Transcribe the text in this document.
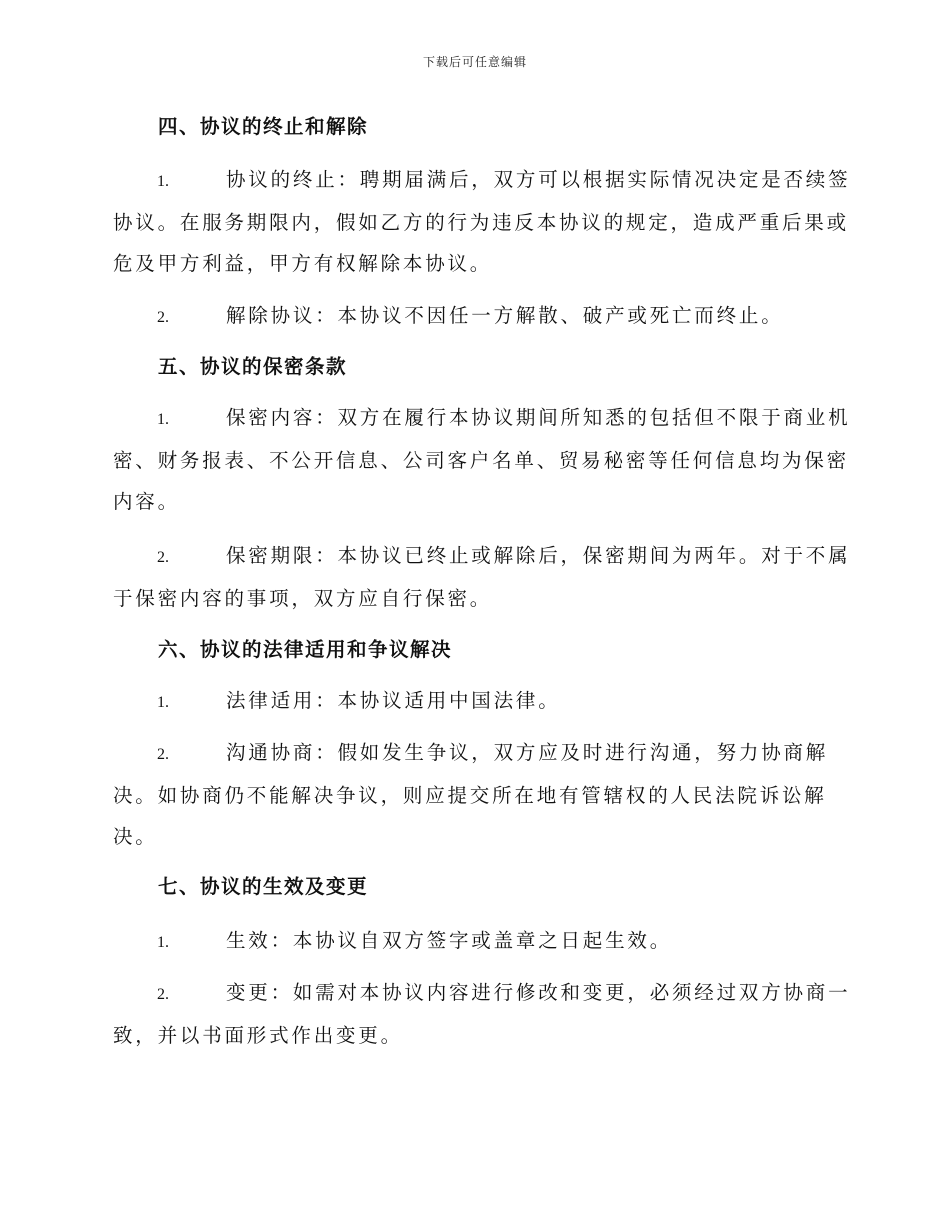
下载后可任意编辑
四、协议的终止和解除
1.	协议的终止：聘期届满后，双方可以根据实际情况决定是否续签
协议。在服务期限内，假如乙方的行为违反本协议的规定，造成严重后果或
危及甲方利益，甲方有权解除本协议。
2.	解除协议：本协议不因任一方解散、破产或死亡而终止。
五、协议的保密条款
1.	保密内容：双方在履行本协议期间所知悉的包括但不限于商业机
密、财务报表、不公开信息、公司客户名单、贸易秘密等任何信息均为保密
内容。
2.	保密期限：本协议已终止或解除后，保密期间为两年。对于不属
于保密内容的事项，双方应自行保密。
六、协议的法律适用和争议解决
1.	法律适用：本协议适用中国法律。
2.	沟通协商：假如发生争议，双方应及时进行沟通，努力协商解
决。如协商仍不能解决争议，则应提交所在地有管辖权的人民法院诉讼解
决。
七、协议的生效及变更
1.	生效：本协议自双方签字或盖章之日起生效。
2.	变更：如需对本协议内容进行修改和变更，必须经过双方协商一
致，并以书面形式作出变更。
